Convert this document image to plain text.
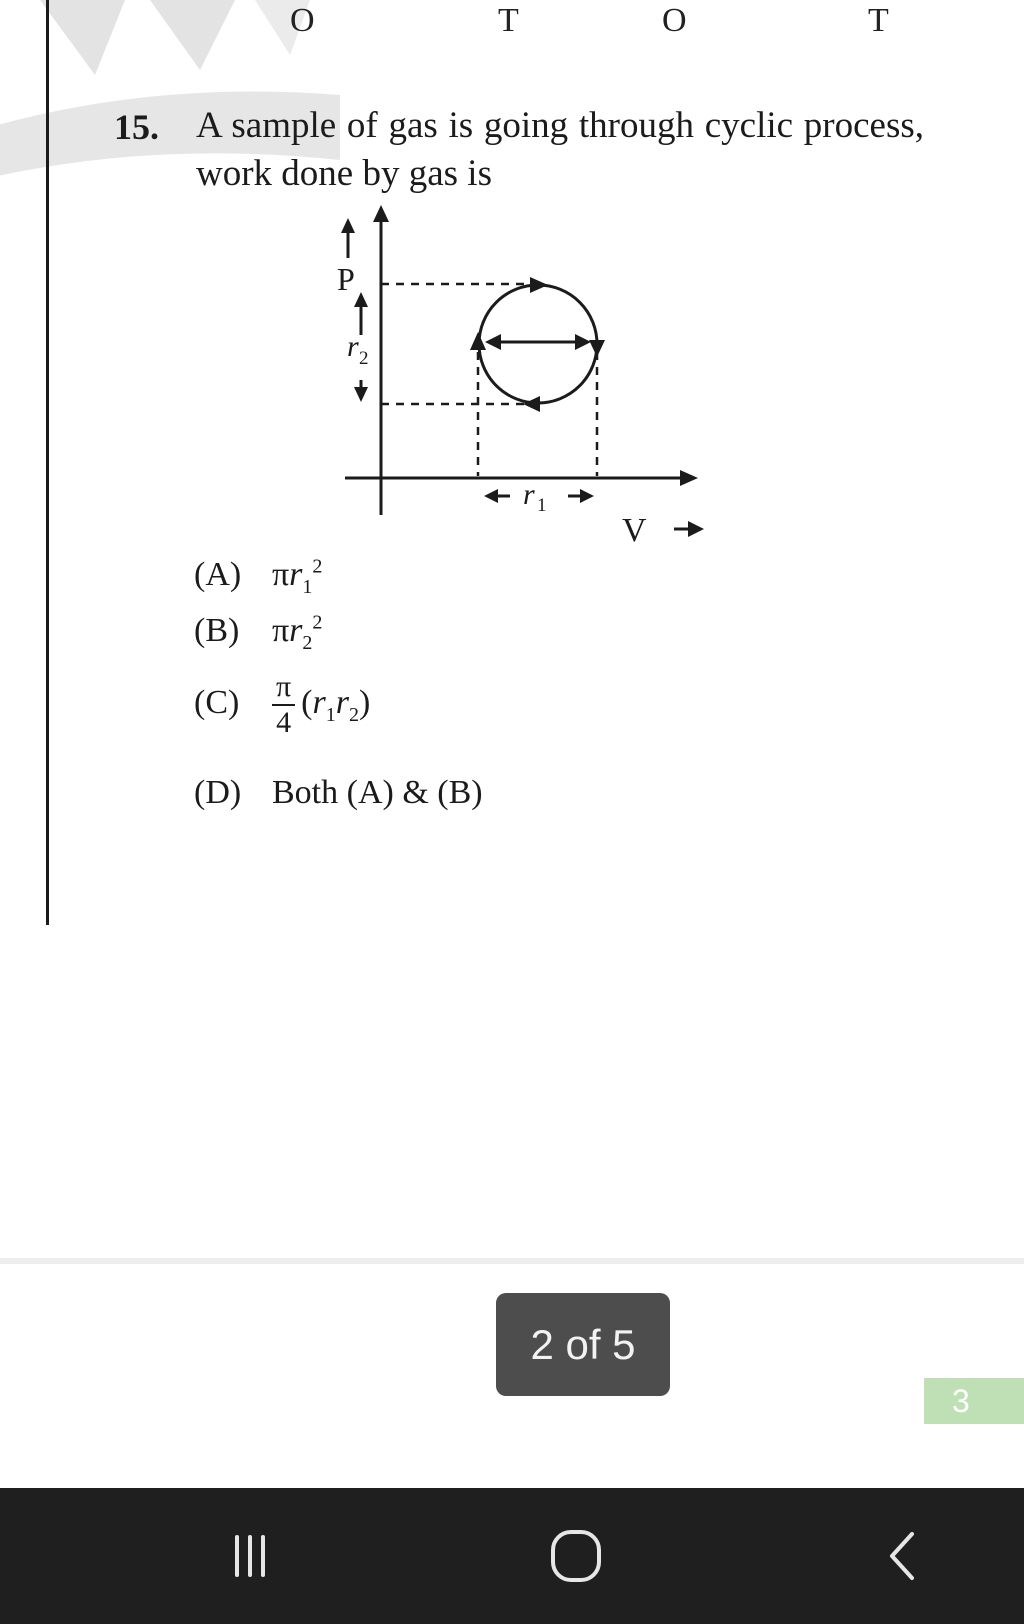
O	T	O	T
15. A sample of gas is going through cyclic process, work done by gas is
P
r 2
r 1
V
(A) $\pi r_1^2$
(B) $\pi r_2^2$
$(C) \frac{\pi}{4} (r_1r_2)$
(D) Both (A) & (B)
2 of 5
3
